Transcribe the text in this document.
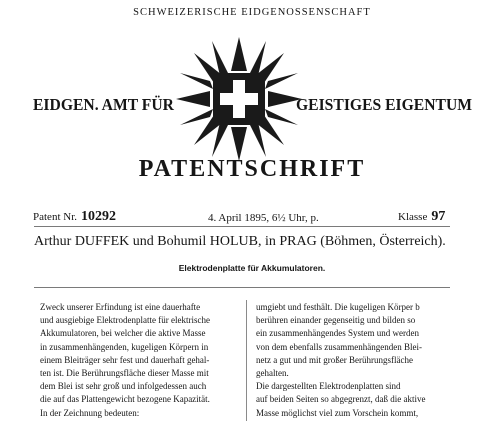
SCHWEIZERISCHE EIDGENOSSENSCHAFT
EIDGEN. AMT FÜR	GEISTIGES EIGENTUM
PATENTSCHRIFT
Patent Nr. 10292	4. April 1895, 6½ Uhr, p.	Klasse 97
Arthur DUFFEK und Bohumil HOLUB, in PRAG (Böhmen, Österreich).
Elektrodenplatte für Akkumulatoren.
Zweck unserer Erfindung ist eine dauerhafte
und ausgiebige Elektrodenplatte für elektrische
Akkumulatoren, bei welcher die aktive Masse
in zusammenhängenden, kugeligen Körpern in
einem Bleiträger sehr fest und dauerhaft gehal-
ten ist. Die Berührungsfläche dieser Masse mit
dem Blei ist sehr groß und infolgedessen auch
die auf das Plattengewicht bezogene Kapazität.
In der Zeichnung bedeuten:
umgiebt und festhält. Die kugeligen Körper b
berühren einander gegenseitig und bilden so
ein zusammenhängendes System und werden
von dem ebenfalls zusammenhängenden Blei-
netz a gut und mit großer Berührungsfläche
gehalten.
Die dargestellten Elektrodenplatten sind
auf beiden Seiten so abgegrenzt, daß die aktive
Masse möglichst viel zum Vorschein kommt,
